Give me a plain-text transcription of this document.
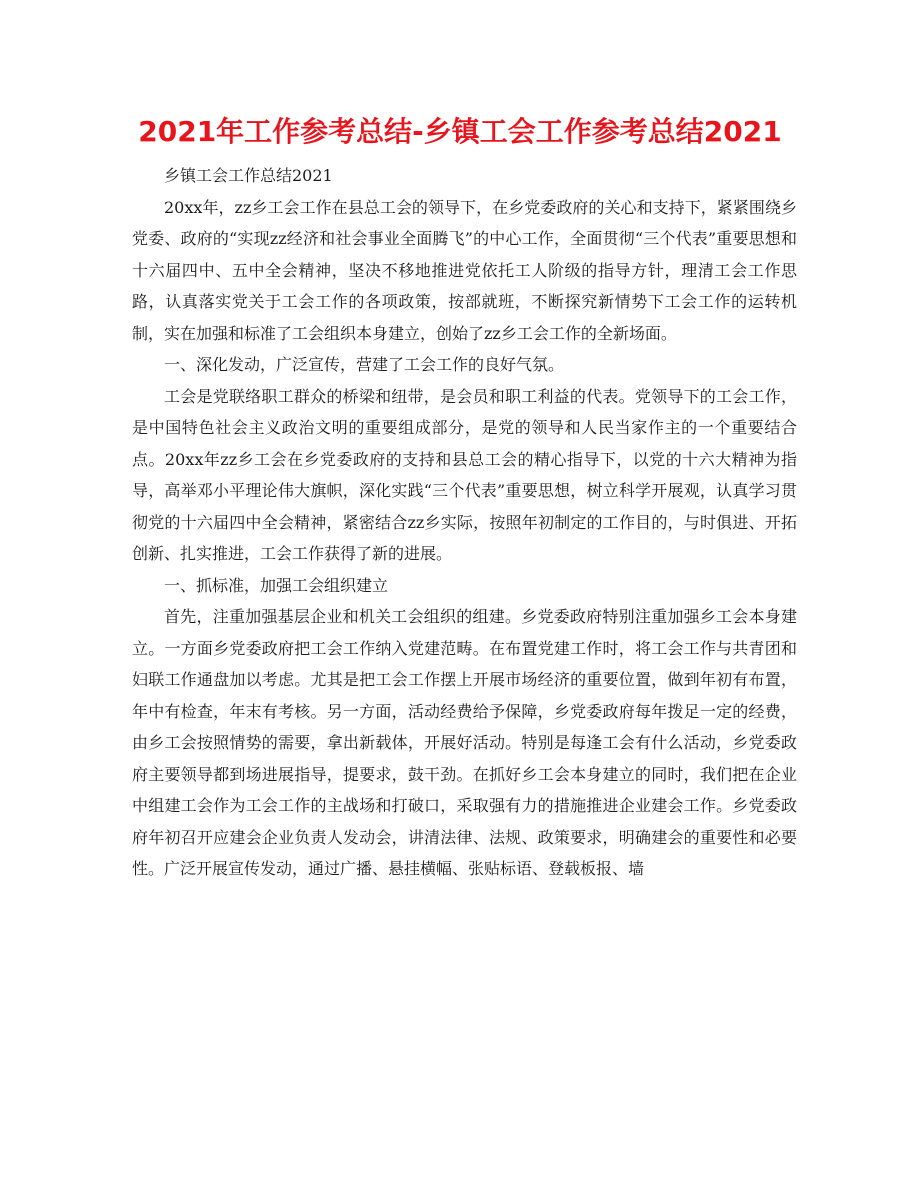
2021年工作参考总结-乡镇工会工作参考总结2021

乡镇工会工作总结2021

20xx年，zz乡工会工作在县总工会的领导下，在乡党委政府的关心和支持下，紧紧围绕乡党委、政府的“实现zz经济和社会事业全面腾飞”的中心工作，全面贯彻“三个代表”重要思想和十六届四中、五中全会精神，坚决不移地推进党依托工人阶级的指导方针，理清工会工作思路，认真落实党关于工会工作的各项政策，按部就班，不断探究新情势下工会工作的运转机制，实在加强和标准了工会组织本身建立，创始了zz乡工会工作的全新场面。

一、深化发动，广泛宣传，营建了工会工作的良好气氛。

工会是党联络职工群众的桥梁和纽带，是会员和职工利益的代表。党领导下的工会工作，是中国特色社会主义政治文明的重要组成部分，是党的领导和人民当家作主的一个重要结合点。20xx年zz乡工会在乡党委政府的支持和县总工会的精心指导下，以党的十六大精神为指导，高举邓小平理论伟大旗帜，深化实践“三个代表”重要思想，树立科学开展观，认真学习贯彻党的十六届四中全会精神，紧密结合zz乡实际，按照年初制定的工作目的，与时俱进、开拓创新、扎实推进，工会工作获得了新的进展。

一、抓标准，加强工会组织建立

首先，注重加强基层企业和机关工会组织的组建。乡党委政府特别注重加强乡工会本身建立。一方面乡党委政府把工会工作纳入党建范畴。在布置党建工作时，将工会工作与共青团和妇联工作通盘加以考虑。尤其是把工会工作摆上开展市场经济的重要位置，做到年初有布置，年中有检查，年末有考核。另一方面，活动经费给予保障，乡党委政府每年拨足一定的经费，由乡工会按照情势的需要，拿出新载体，开展好活动。特别是每逢工会有什么活动，乡党委政府主要领导都到场进展指导，提要求，鼓干劲。在抓好乡工会本身建立的同时，我们把在企业中组建工会作为工会工作的主战场和打破口，采取强有力的措施推进企业建会工作。乡党委政府年初召开应建会企业负责人发动会，讲清法律、法规、政策要求，明确建会的重要性和必要性。广泛开展宣传发动，通过广播、悬挂横幅、张贴标语、登载板报、墙
